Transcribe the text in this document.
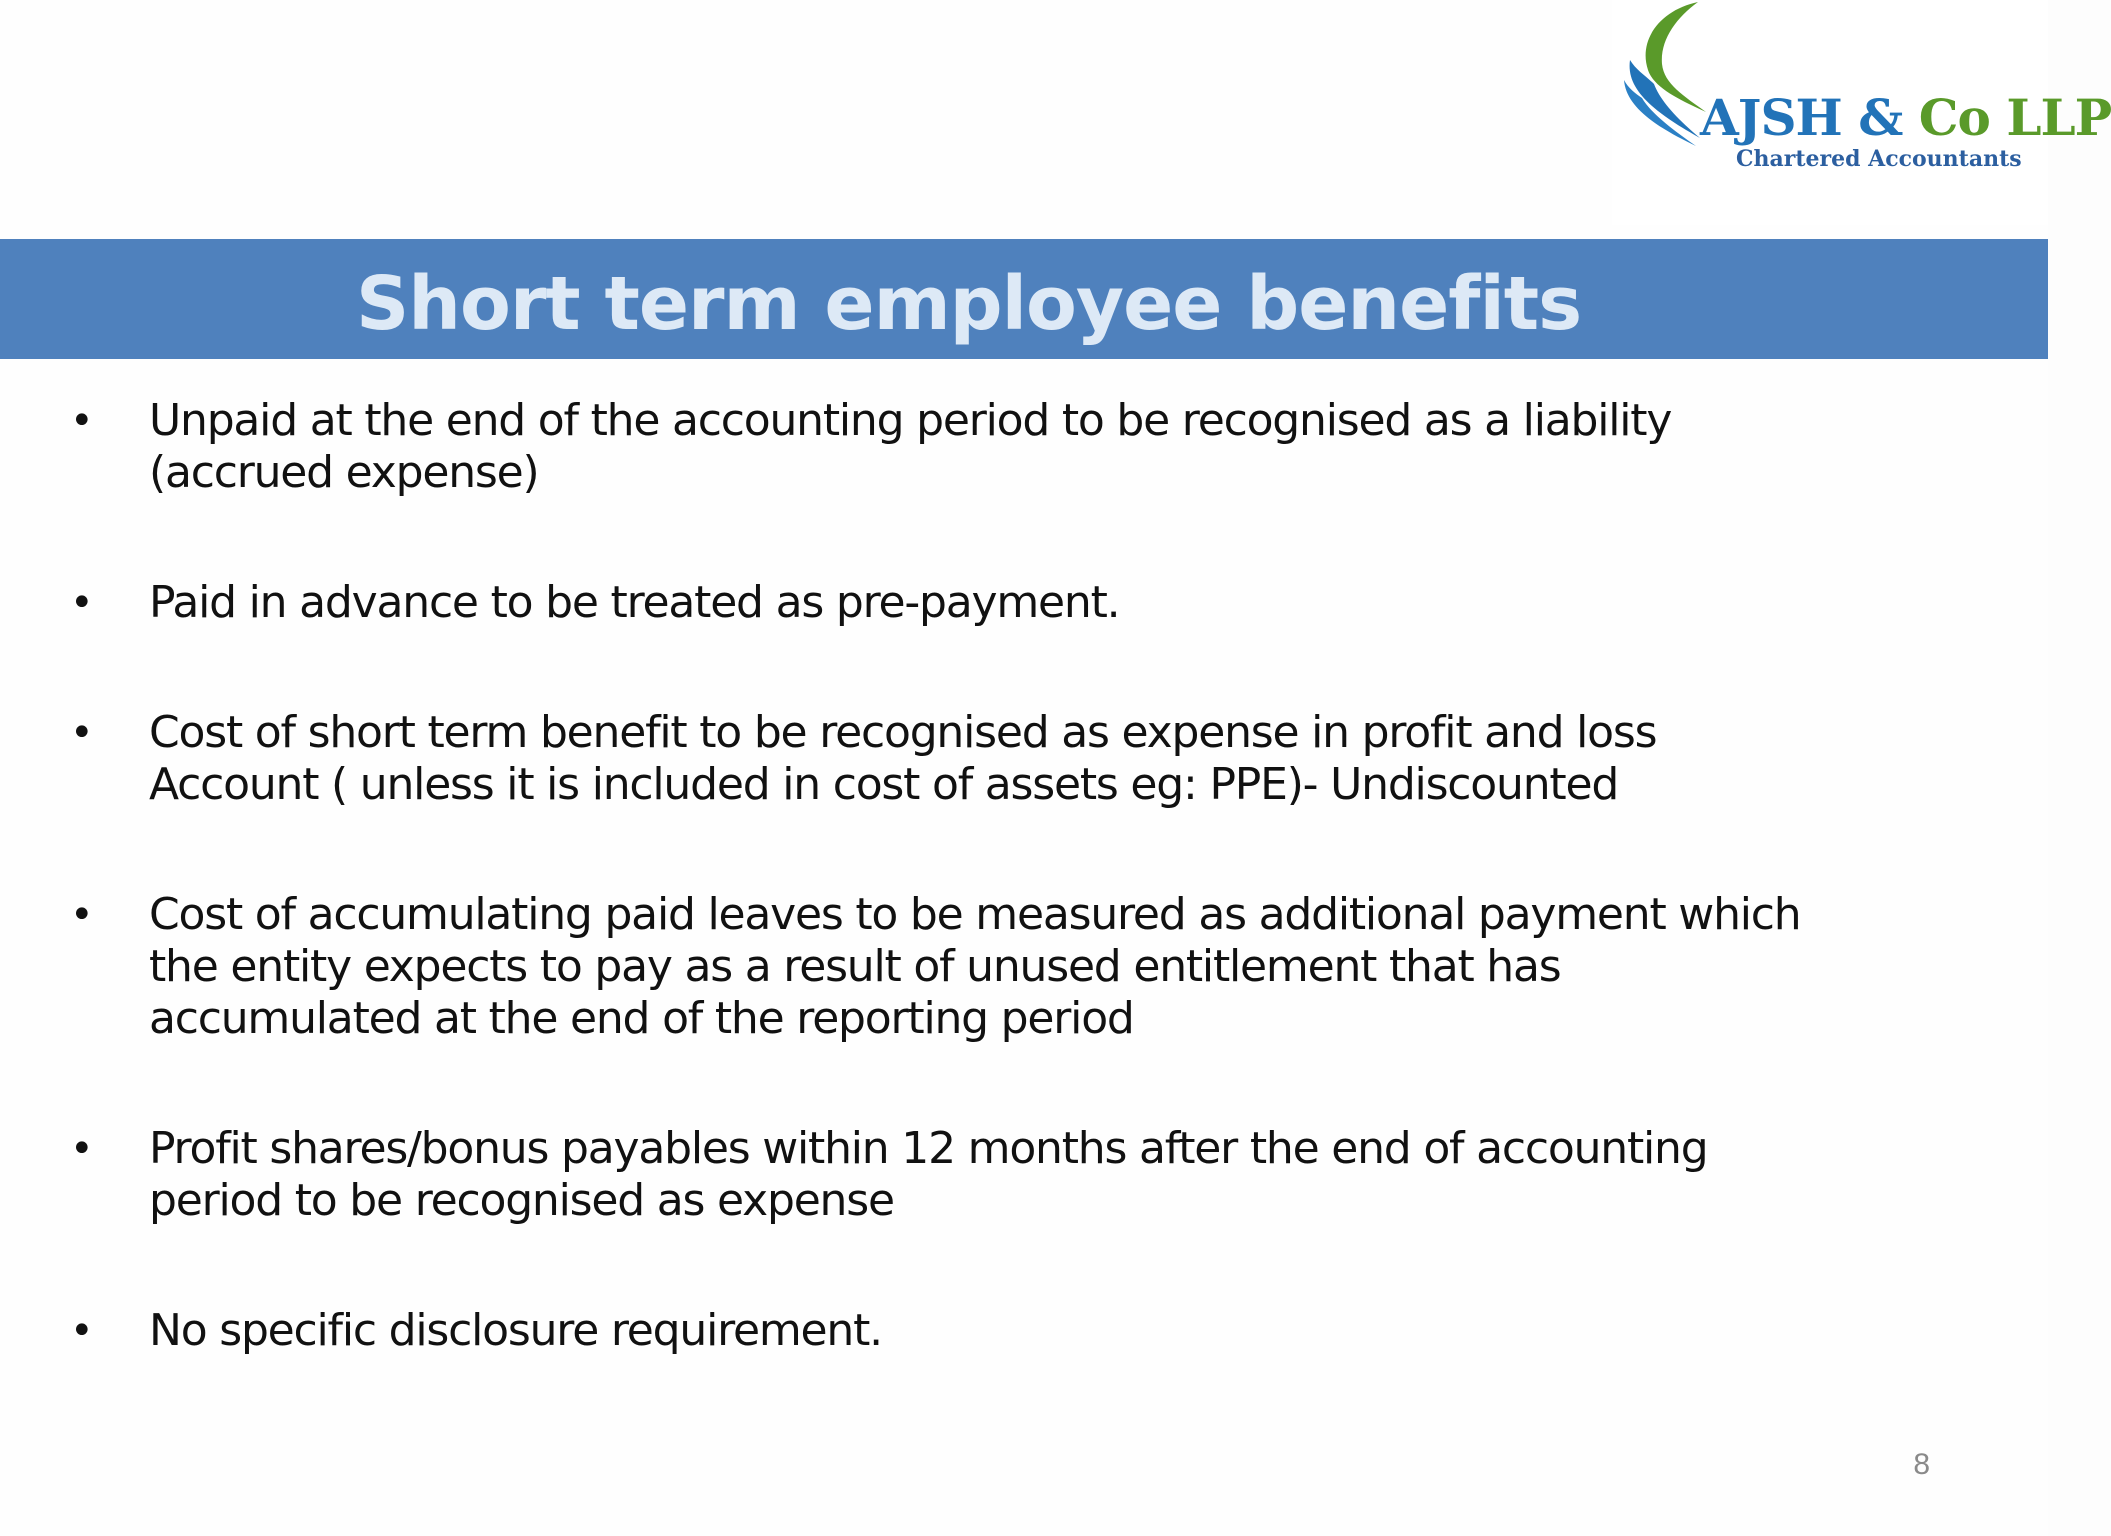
AJSH & Co LLP
Chartered Accountants
Short term employee benefits
• Unpaid at the end of the accounting period to be recognised as a liability
(accrued expense)
• Paid in advance to be treated as pre-payment.
• Cost of short term benefit to be recognised as expense in profit and loss
Account ( unless it is included in cost of assets eg: PPE)- Undiscounted
• Cost of accumulating paid leaves to be measured as additional payment which
the entity expects to pay as a result of unused entitlement that has
accumulated at the end of the reporting period
• Profit shares/bonus payables within 12 months after the end of accounting
period to be recognised as expense
• No specific disclosure requirement.
8
